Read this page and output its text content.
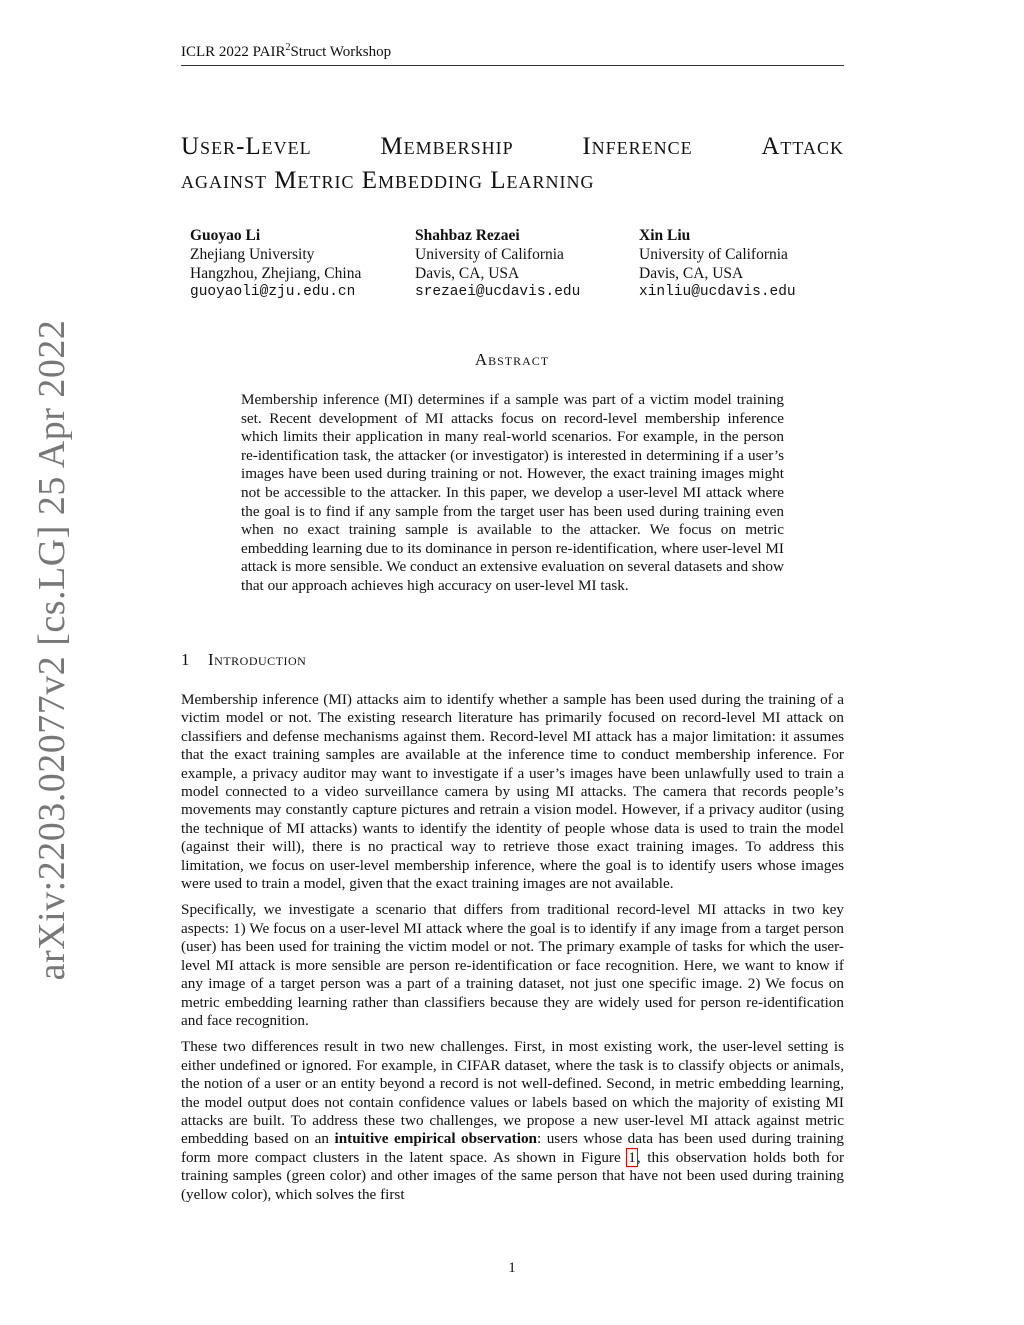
ICLR 2022 PAIR$^2$Struct Workshop
User-Level	Membership	Inference	Attack
against Metric Embedding Learning
Guoyao Li
Zhejiang University
Hangzhou, Zhejiang, China
guoyaoli@zju.edu.cn
Shahbaz Rezaei
University of California
Davis, CA, USA
srezaei@ucdavis.edu
Xin Liu
University of California
Davis, CA, USA
xinliu@ucdavis.edu
Abstract
Membership inference (MI) determines if a sample was part of a victim model training set. Recent development of MI attacks focus on record-level membership inference which limits their application in many real-world scenarios. For example, in the person re-identification task, the attacker (or investigator) is interested in determining if a user’s images have been used during training or not. However, the exact training images might not be accessible to the attacker. In this paper, we develop a user-level MI attack where the goal is to find if any sample from the target user has been used during training even when no exact training sample is available to the attacker. We focus on metric embedding learning due to its dominance in person re-identification, where user-level MI attack is more sensible. We conduct an extensive evaluation on several datasets and show that our approach achieves high accuracy on user-level MI task.
1 Introduction

Membership inference (MI) attacks aim to identify whether a sample has been used during the training of a victim model or not. The existing research literature has primarily focused on record-level MI attack on classifiers and defense mechanisms against them. Record-level MI attack has a major limitation: it assumes that the exact training samples are available at the inference time to conduct membership inference. For example, a privacy auditor may want to investigate if a user’s images have been unlawfully used to train a model connected to a video surveillance camera by using MI attacks. The camera that records people’s movements may constantly capture pictures and retrain a vision model. However, if a privacy auditor (using the technique of MI attacks) wants to identify the identity of people whose data is used to train the model (against their will), there is no practical way to retrieve those exact training images. To address this limitation, we focus on user-level membership inference, where the goal is to identify users whose images were used to train a model, given that the exact training images are not available.

Specifically, we investigate a scenario that differs from traditional record-level MI attacks in two key aspects: 1) We focus on a user-level MI attack where the goal is to identify if any image from a target person (user) has been used for training the victim model or not. The primary example of tasks for which the user-level MI attack is more sensible are person re-identification or face recognition. Here, we want to know if any image of a target person was a part of a training dataset, not just one specific image. 2) We focus on metric embedding learning rather than classifiers because they are widely used for person re-identification and face recognition.

These two differences result in two new challenges. First, in most existing work, the user-level setting is either undefined or ignored. For example, in CIFAR dataset, where the task is to classify objects or animals, the notion of a user or an entity beyond a record is not well-defined. Second, in metric embedding learning, the model output does not contain confidence values or labels based on which the majority of existing MI attacks are built. To address these two challenges, we propose a new user-level MI attack against metric embedding based on an intuitive empirical observation: users whose data has been used during training form more compact clusters in the latent space. As shown in Figure 1, this observation holds both for training samples (green color) and other images of the same person that have not been used during training (yellow color), which solves the first

arXiv:2203.02077v2 [cs.LG] 25 Apr 2022
1
